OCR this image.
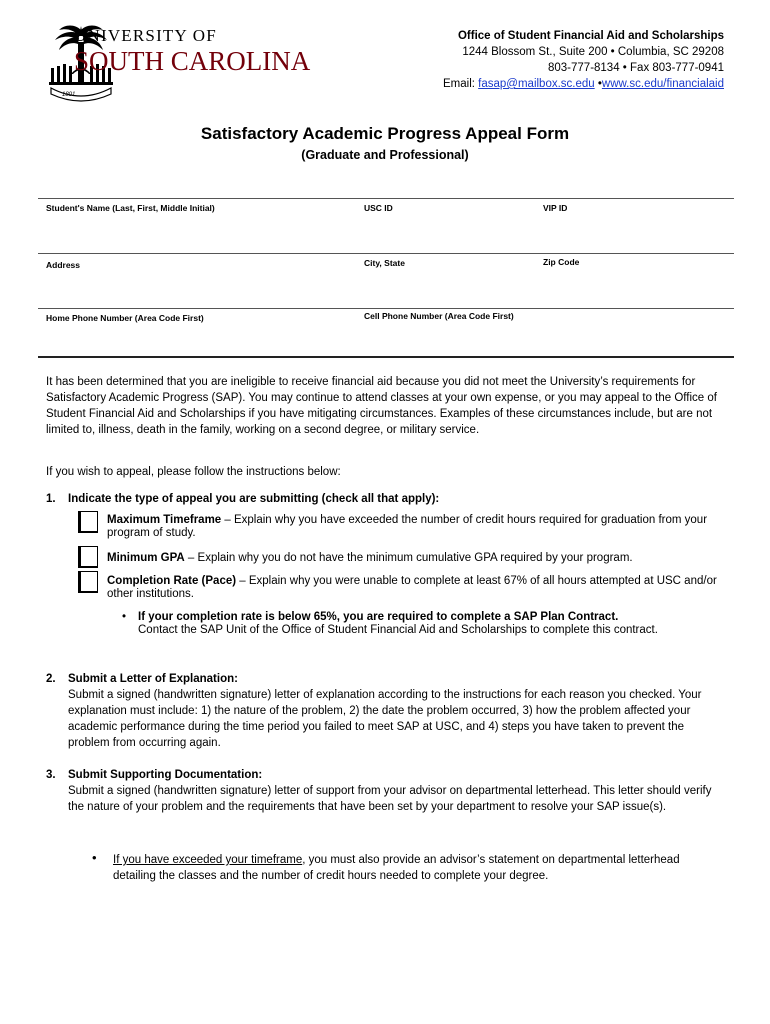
UNIVERSITY OF
SOUTH CAROLINA
1801
Office of Student Financial Aid and Scholarships
1244 Blossom St., Suite 200 • Columbia, SC 29208
803-777-8134 • Fax 803-777-0941
Email: fasap@mailbox.sc.edu •www.sc.edu/financialaid
Satisfactory Academic Progress Appeal Form
(Graduate and Professional)
Student's Name (Last, First, Middle Initial)	USC ID	VIP ID
Address	City, State	Zip Code
Home Phone Number (Area Code First)	Cell Phone Number (Area Code First)
It has been determined that you are ineligible to receive financial aid because you did not meet the University’s requirements for Satisfactory Academic Progress (SAP). You may continue to attend classes at your own expense, or you may appeal to the Office of Student Financial Aid and Scholarships if you have mitigating circumstances. Examples of these circumstances include, but are not limited to, illness, death in the family, working on a second degree, or military service.
If you wish to appeal, please follow the instructions below:
1. Indicate the type of appeal you are submitting (check all that apply):
Maximum Timeframe – Explain why you have exceeded the number of credit hours required for graduation from your program of study.
Minimum GPA – Explain why you do not have the minimum cumulative GPA required by your program.
Completion Rate (Pace) – Explain why you were unable to complete at least 67% of all hours attempted at USC and/or other institutions.
• If your completion rate is below 65%, you are required to complete a SAP Plan Contract.
Contact the SAP Unit of the Office of Student Financial Aid and Scholarships to complete this contract.
2. Submit a Letter of Explanation:
Submit a signed (handwritten signature) letter of explanation according to the instructions for each reason you checked. Your explanation must include: 1) the nature of the problem, 2) the date the problem occurred, 3) how the problem affected your academic performance during the time period you failed to meet SAP at USC, and 4) steps you have taken to prevent the problem from occurring again.
3. Submit Supporting Documentation:
Submit a signed (handwritten signature) letter of support from your advisor on departmental letterhead. This letter should verify the nature of your problem and the requirements that have been set by your department to resolve your SAP issue(s).
• If you have exceeded your timeframe, you must also provide an advisor’s statement on departmental letterhead detailing the classes and the number of credit hours needed to complete your degree.
